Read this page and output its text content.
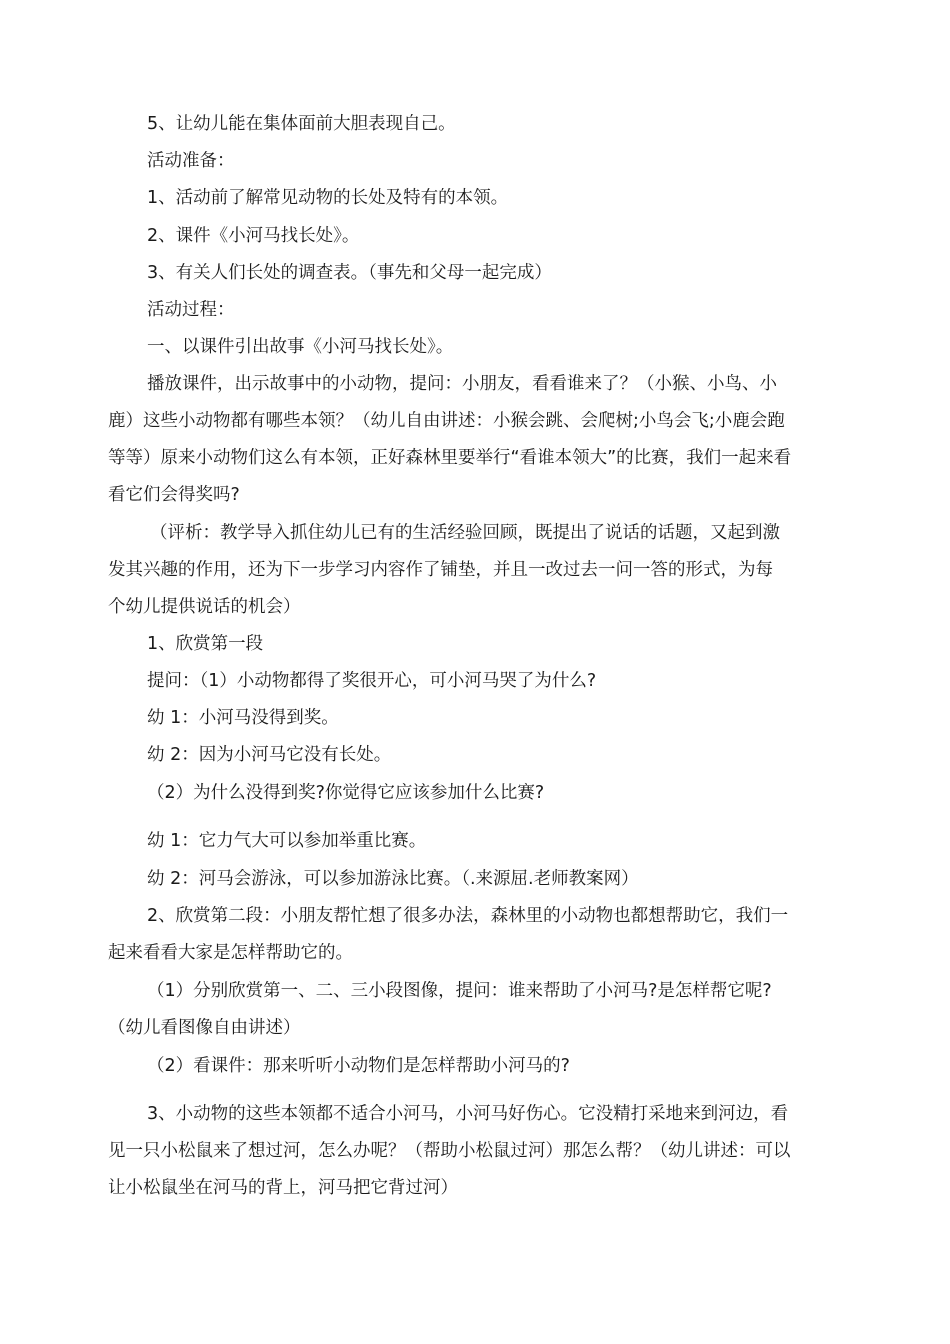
5、让幼儿能在集体面前大胆表现自己。

活动准备：

1、活动前了解常见动物的长处及特有的本领。

2、课件《小河马找长处》。

3、有关人们长处的调查表。（事先和父母一起完成）

活动过程：

一、以课件引出故事《小河马找长处》。

播放课件，出示故事中的小动物，提问：小朋友，看看谁来了？（小猴、小鸟、小

鹿）这些小动物都有哪些本领？（幼儿自由讲述：小猴会跳、会爬树;小鸟会飞;小鹿会跑

等等）原来小动物们这么有本领，正好森林里要举行“看谁本领大”的比赛，我们一起来看

看它们会得奖吗?

（评析：教学导入抓住幼儿已有的生活经验回顾，既提出了说话的话题，又起到激

发其兴趣的作用，还为下一步学习内容作了铺垫，并且一改过去一问一答的形式，为每

个幼儿提供说话的机会）

1、欣赏第一段

提问：（1）小动物都得了奖很开心，可小河马哭了为什么?

幼 1：小河马没得到奖。

幼 2：因为小河马它没有长处。

（2）为什么没得到奖?你觉得它应该参加什么比赛?

幼 1：它力气大可以参加举重比赛。

幼 2：河马会游泳，可以参加游泳比赛。（.来源屈.老师教案网）

2、欣赏第二段：小朋友帮忙想了很多办法，森林里的小动物也都想帮助它，我们一

起来看看大家是怎样帮助它的。

（1）分别欣赏第一、二、三小段图像，提问：谁来帮助了小河马?是怎样帮它呢?

（幼儿看图像自由讲述）

（2）看课件：那来听听小动物们是怎样帮助小河马的?

3、小动物的这些本领都不适合小河马，小河马好伤心。它没精打采地来到河边，看

见一只小松鼠来了想过河，怎么办呢？（帮助小松鼠过河）那怎么帮？（幼儿讲述：可以

让小松鼠坐在河马的背上，河马把它背过河）
